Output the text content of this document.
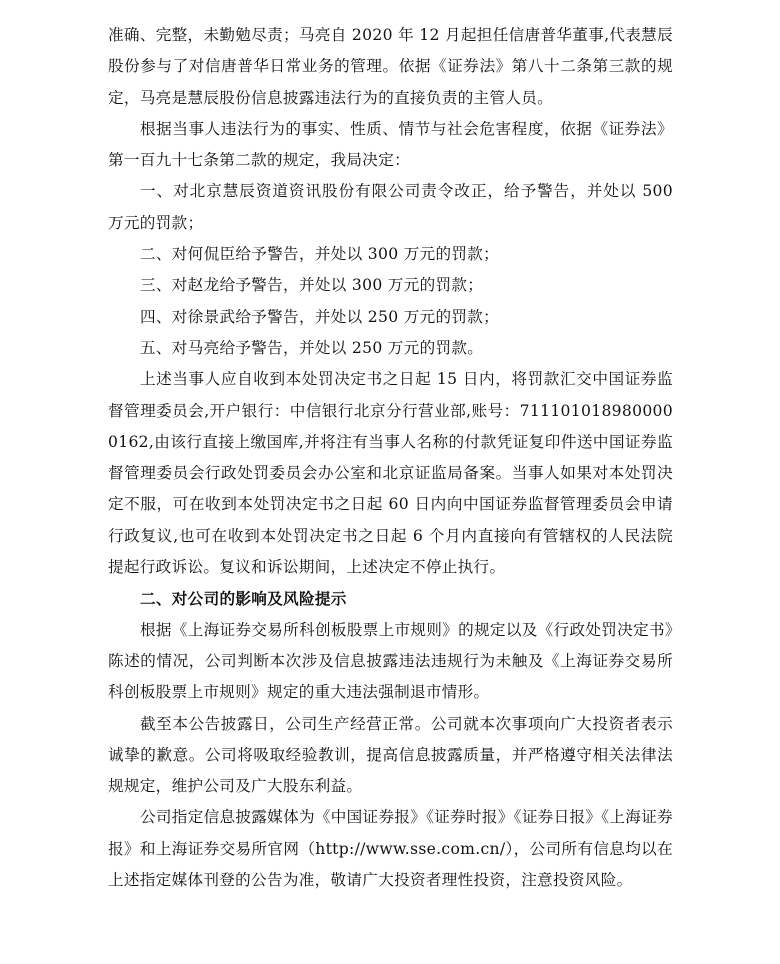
准确、完整，未勤勉尽责；马亮自 2020 年 12 月起担任信唐普华董事,代表慧辰股份参与了对信唐普华日常业务的管理。依据《证券法》第八十二条第三款的规定，马亮是慧辰股份信息披露违法行为的直接负责的主管人员。

根据当事人违法行为的事实、性质、情节与社会危害程度，依据《证券法》第一百九十七条第二款的规定，我局决定：

一、对北京慧辰资道资讯股份有限公司责令改正，给予警告，并处以 500 万元的罚款；

二、对何侃臣给予警告，并处以 300 万元的罚款；

三、对赵龙给予警告，并处以 300 万元的罚款；

四、对徐景武给予警告，并处以 250 万元的罚款；

五、对马亮给予警告，并处以 250 万元的罚款。

上述当事人应自收到本处罚决定书之日起 15 日内，将罚款汇交中国证券监督管理委员会,开户银行：中信银行北京分行营业部,账号：7111010189800000162,由该行直接上缴国库,并将注有当事人名称的付款凭证复印件送中国证券监督管理委员会行政处罚委员会办公室和北京证监局备案。当事人如果对本处罚决定不服，可在收到本处罚决定书之日起 60 日内向中国证券监督管理委员会申请行政复议,也可在收到本处罚决定书之日起 6 个月内直接向有管辖权的人民法院提起行政诉讼。复议和诉讼期间，上述决定不停止执行。

二、对公司的影响及风险提示

根据《上海证券交易所科创板股票上市规则》的规定以及《行政处罚决定书》陈述的情况，公司判断本次涉及信息披露违法违规行为未触及《上海证券交易所科创板股票上市规则》规定的重大违法强制退市情形。

截至本公告披露日，公司生产经营正常。公司就本次事项向广大投资者表示诚挚的歉意。公司将吸取经验教训，提高信息披露质量，并严格遵守相关法律法规规定，维护公司及广大股东利益。

公司指定信息披露媒体为《中国证券报》《证券时报》《证券日报》《上海证券报》和上海证券交易所官网（http://www.sse.com.cn/），公司所有信息均以在上述指定媒体刊登的公告为准，敬请广大投资者理性投资，注意投资风险。
